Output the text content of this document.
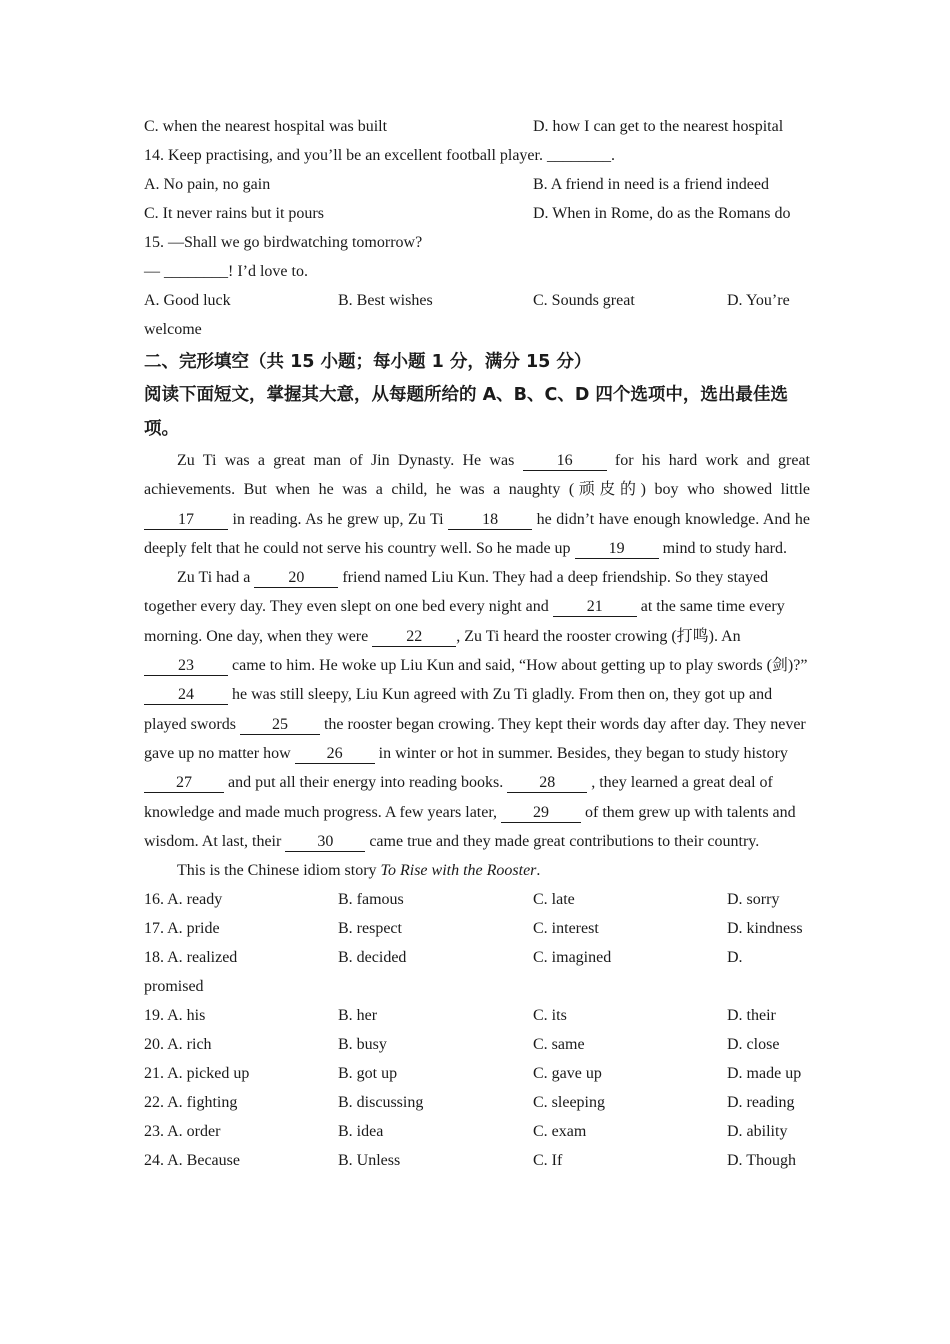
C. when the nearest hospital was built	D. how I can get to the nearest hospital
14. Keep practising, and you’ll be an excellent football player. ________.
A. No pain, no gain	B. A friend in need is a friend indeed
C. It never rains but it pours	D. When in Rome, do as the Romans do
15. —Shall we go birdwatching tomorrow?
— ________! I’d love to.
A. Good luck	B. Best wishes	C. Sounds great	D. You’re
welcome
二、完形填空（共 15 小题；每小题 1 分，满分 15 分）
阅读下面短文，掌握其大意，从每题所给的 A、B、C、D 四个选项中，选出最佳选项。
Zu Ti was a great man of Jin Dynasty. He was 16 for his hard work and great achievements. But when he was a child, he was a naughty (顽皮的) boy who showed little 17 in reading. As he grew up, Zu Ti 18 he didn’t have enough knowledge. And he deeply felt that he could not serve his country well. So he made up 19 mind to study hard.
Zu Ti had a 20 friend named Liu Kun. They had a deep friendship. So they stayed together every day. They even slept on one bed every night and 21 at the same time every morning. One day, when they were 22 , Zu Ti heard the rooster crowing (打鸣). An 23 came to him. He woke up Liu Kun and said, “How about getting up to play swords (剑)?” 24 he was still sleepy, Liu Kun agreed with Zu Ti gladly. From then on, they got up and played swords 25 the rooster began crowing. They kept their words day after day. They never gave up no matter how 26 in winter or hot in summer. Besides, they began to study history 27 and put all their energy into reading books. 28 , they learned a great deal of knowledge and made much progress. A few years later, 29 of them grew up with talents and wisdom. At last, their 30 came true and they made great contributions to their country.
This is the Chinese idiom story To Rise with the Rooster.
16. A. ready	B. famous	C. late	D. sorry
17. A. pride	B. respect	C. interest	D. kindness
18. A. realized	B. decided	C. imagined	D.
promised
19. A. his	B. her	C. its	D. their
20. A. rich	B. busy	C. same	D. close
21. A. picked up	B. got up	C. gave up	D. made up
22. A. fighting	B. discussing	C. sleeping	D. reading
23. A. order	B. idea	C. exam	D. ability
24. A. Because	B. Unless	C. If	D. Though
